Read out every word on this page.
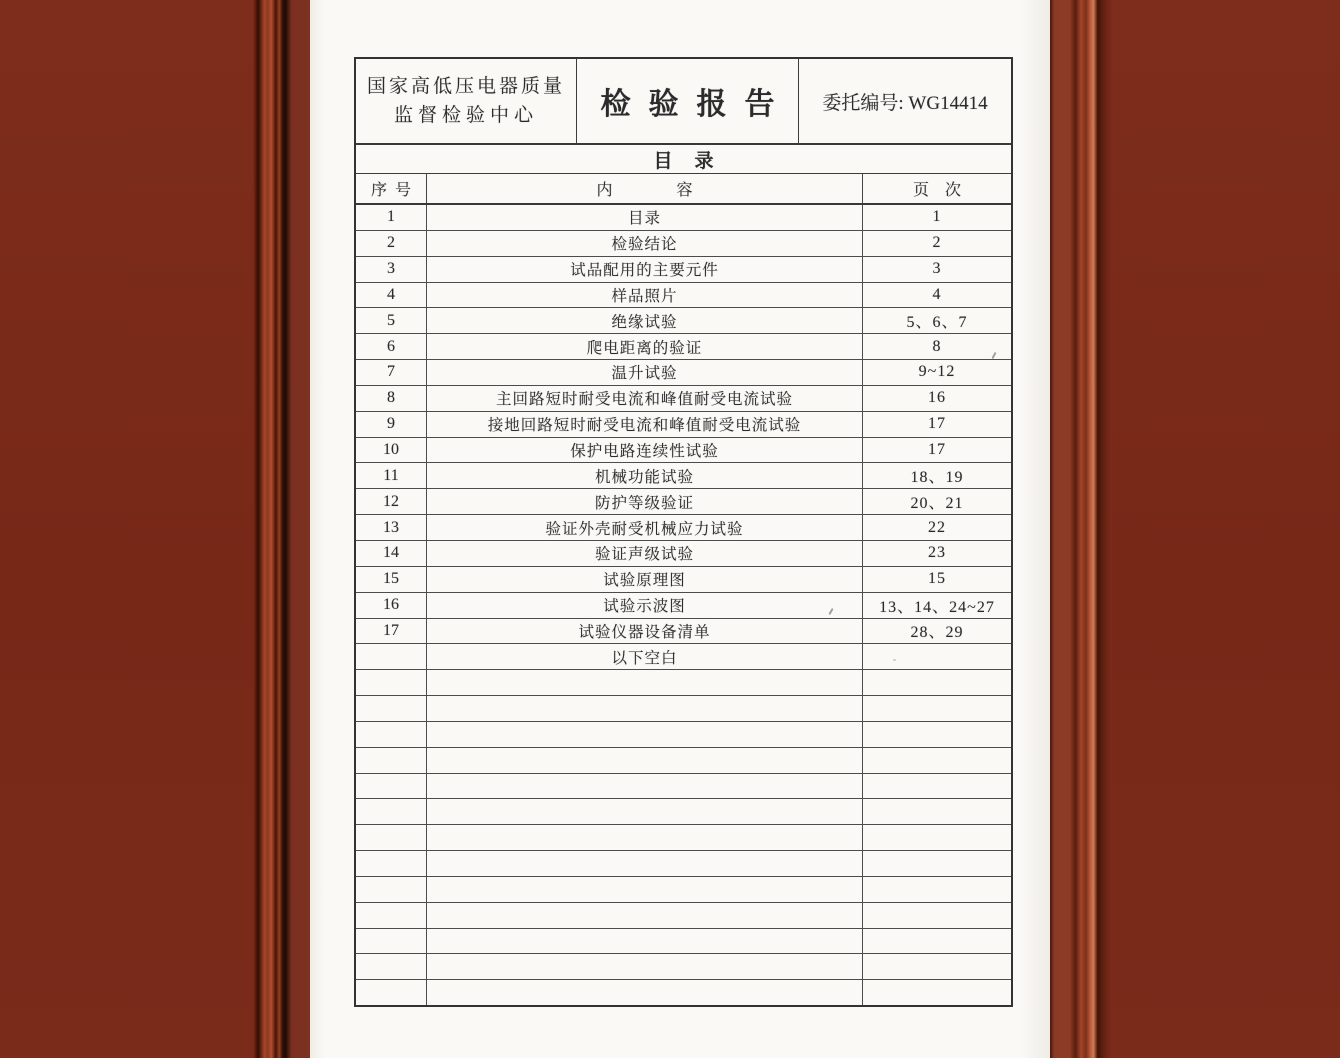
国家高低压电器质量
监督检验中心 检验报告 委托编号: WG14414
目录
序号	内容	页次
1	目录	1
2	检验结论	2
3	试品配用的主要元件	3
4	样品照片	4
5	绝缘试验	5、6、7
6	爬电距离的验证	8
7	温升试验	9~12
8	主回路短时耐受电流和峰值耐受电流试验	16
9	接地回路短时耐受电流和峰值耐受电流试验	17
10	保护电路连续性试验	17
11	机械功能试验	18、19
12	防护等级验证	20、21
13	验证外壳耐受机械应力试验	22
14	验证声级试验	23
15	试验原理图	15
16	试验示波图	13、14、24~27
17	试验仪器设备清单	28、29
以下空白
